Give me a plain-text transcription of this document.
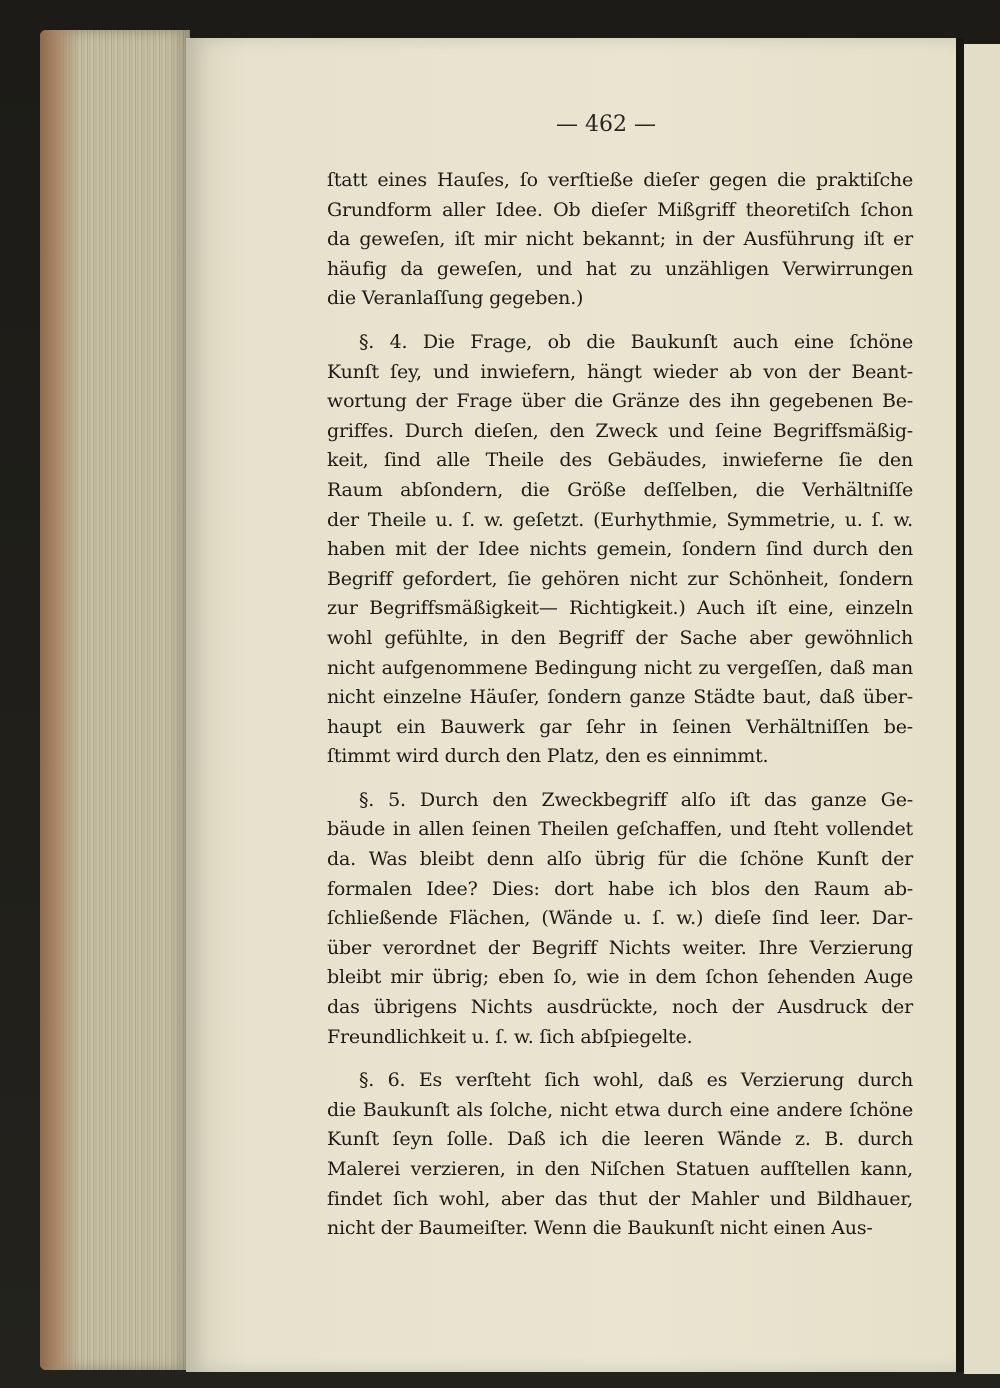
— 462 —
ſtatt eines Hauſes, ſo verſtieße dieſer gegen die praktiſche
Grundform aller Idee. Ob dieſer Mißgriff theoretiſch ſchon
da geweſen, iſt mir nicht bekannt; in der Ausführung iſt er
häufig da geweſen, und hat zu unzähligen Verwirrungen
die Veranlaſſung gegeben.)
§. 4. Die Frage, ob die Baukunſt auch eine ſchöne
Kunſt ſey, und inwiefern, hängt wieder ab von der Beant-
wortung der Frage über die Gränze des ihn gegebenen Be-
griffes. Durch dieſen, den Zweck und ſeine Begriffsmäßig-
keit, ſind alle Theile des Gebäudes, inwieferne ſie den
Raum abſondern, die Größe deſſelben, die Verhältniſſe
der Theile u. ſ. w. geſetzt. (Eurhythmie, Symmetrie, u. ſ. w.
haben mit der Idee nichts gemein, ſondern ſind durch den
Begriff gefordert, ſie gehören nicht zur Schönheit, ſondern
zur Begriffsmäßigkeit— Richtigkeit.) Auch iſt eine, einzeln
wohl gefühlte, in den Begriff der Sache aber gewöhnlich
nicht aufgenommene Bedingung nicht zu vergeſſen, daß man
nicht einzelne Häuſer, ſondern ganze Städte baut, daß über-
haupt ein Bauwerk gar ſehr in ſeinen Verhältniſſen be-
ſtimmt wird durch den Platz, den es einnimmt.
§. 5. Durch den Zweckbegriff alſo iſt das ganze Ge-
bäude in allen ſeinen Theilen geſchaffen, und ſteht vollendet
da. Was bleibt denn alſo übrig für die ſchöne Kunſt der
formalen Idee? Dies: dort habe ich blos den Raum ab-
ſchließende Flächen, (Wände u. ſ. w.) dieſe ſind leer. Dar-
über verordnet der Begriff Nichts weiter. Ihre Verzierung
bleibt mir übrig; eben ſo, wie in dem ſchon ſehenden Auge
das übrigens Nichts ausdrückte, noch der Ausdruck der
Freundlichkeit u. ſ. w. ſich abſpiegelte.
§. 6. Es verſteht ſich wohl, daß es Verzierung durch
die Baukunſt als ſolche, nicht etwa durch eine andere ſchöne
Kunſt ſeyn ſolle. Daß ich die leeren Wände z. B. durch
Malerei verzieren, in den Niſchen Statuen aufſtellen kann,
findet ſich wohl, aber das thut der Mahler und Bildhauer,
nicht der Baumeiſter. Wenn die Baukunſt nicht einen Aus-
